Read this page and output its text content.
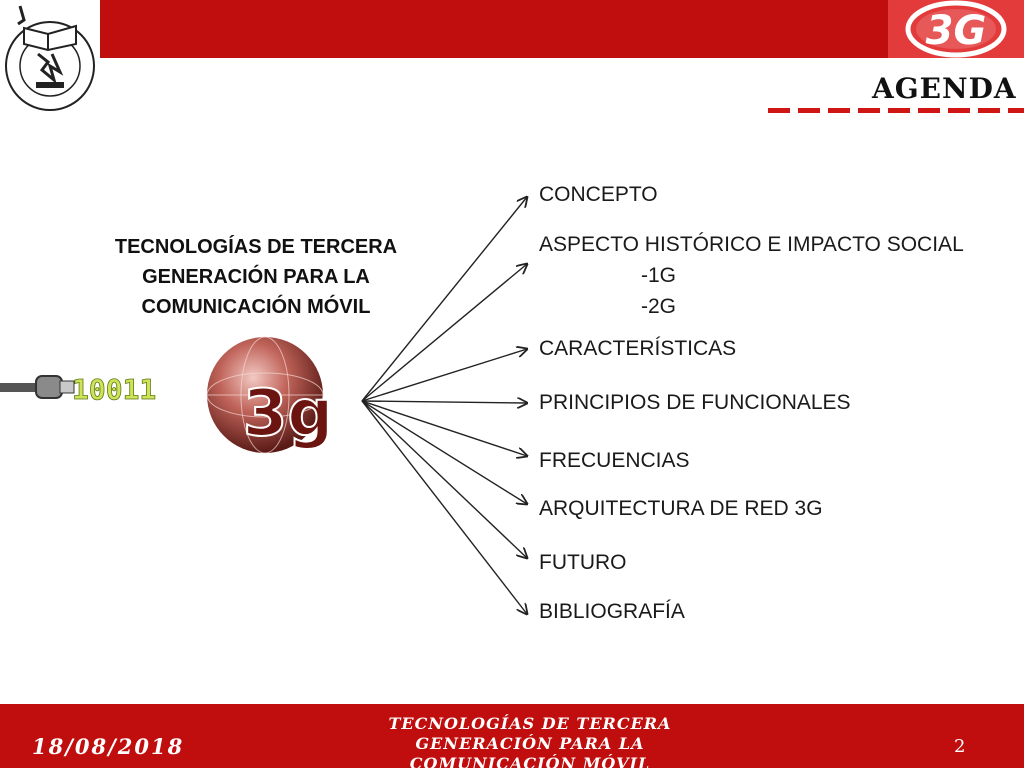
3G
AGENDA
TECNOLOGÍAS DE TERCERA GENERACIÓN PARA LA COMUNICACIÓN MÓVIL
10011 3g
CONCEPTO
ASPECTO HISTÓRICO E IMPACTO SOCIAL
-1G
-2G
CARACTERÍSTICAS
PRINCIPIOS DE FUNCIONALES
FRECUENCIAS
ARQUITECTURA DE RED 3G
FUTURO
BIBLIOGRAFÍA
18/08/2018
TECNOLOGÍAS DE TERCERA GENERACIÓN PARA LA COMUNICACIÓN MÓVIL
2
